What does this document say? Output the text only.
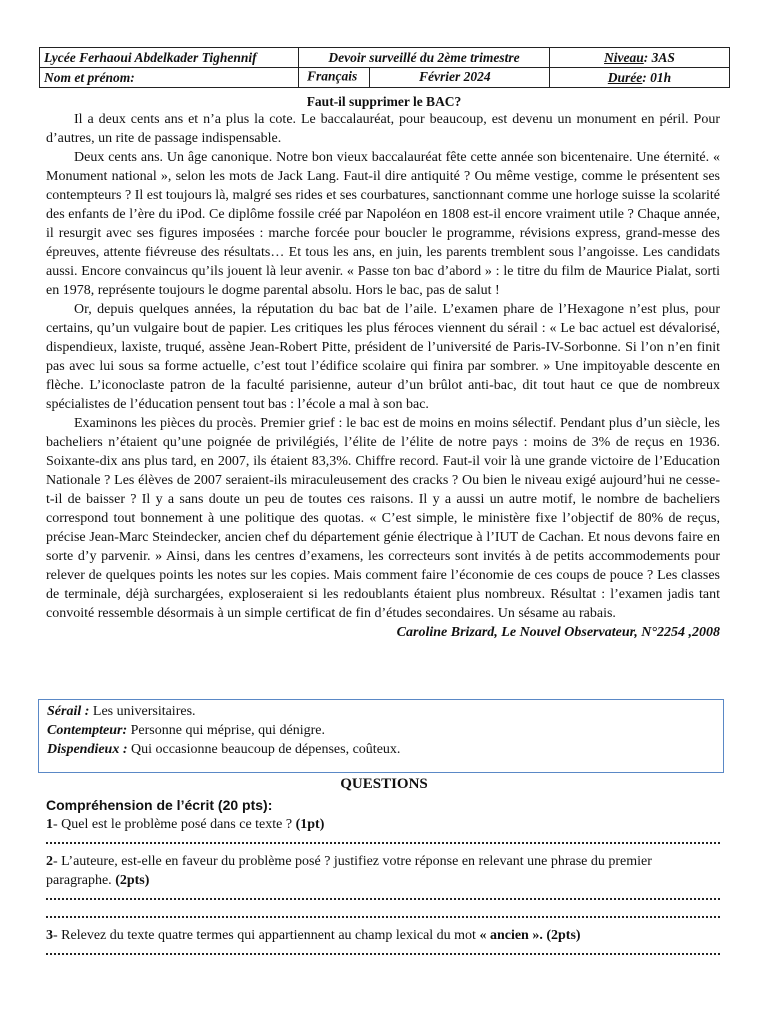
Lycée Ferhaoui Abdelkader Tighennif	Devoir surveillé du 2ème trimestre	Niveau: 3AS
Nom et prénom:	Français Février 2024	Durée: 01h
Faut-il supprimer le BAC?

Il a deux cents ans et n’a plus la cote. Le baccalauréat, pour beaucoup, est devenu un monument en péril. Pour d’autres, un rite de passage indispensable.

Deux cents ans. Un âge canonique. Notre bon vieux baccalauréat fête cette année son bicentenaire. Une éternité. « Monument national », selon les mots de Jack Lang. Faut-il dire antiquité ? Ou même vestige, comme le présentent ses contempteurs ? Il est toujours là, malgré ses rides et ses courbatures, sanctionnant comme une horloge suisse la scolarité des enfants de l’ère du iPod. Ce diplôme fossile créé par Napoléon en 1808 est-il encore vraiment utile ? Chaque année, il resurgit avec ses figures imposées : marche forcée pour boucler le programme, révisions express, grand-messe des épreuves, attente fiévreuse des résultats… Et tous les ans, en juin, les parents tremblent sous l’angoisse. Les candidats aussi. Encore convaincus qu’ils jouent là leur avenir. « Passe ton bac d’abord » : le titre du film de Maurice Pialat, sorti en 1978, représente toujours le dogme parental absolu. Hors le bac, pas de salut !

Or, depuis quelques années, la réputation du bac bat de l’aile. L’examen phare de l’Hexagone n’est plus, pour certains, qu’un vulgaire bout de papier. Les critiques les plus féroces viennent du sérail : « Le bac actuel est dévalorisé, dispendieux, laxiste, truqué, assène Jean-Robert Pitte, président de l’université de Paris-IV-Sorbonne. Si l’on n’en finit pas avec lui sous sa forme actuelle, c’est tout l’édifice scolaire qui finira par sombrer. » Une impitoyable descente en flèche. L’iconoclaste patron de la faculté parisienne, auteur d’un brûlot anti-bac, dit tout haut ce que de nombreux spécialistes de l’éducation pensent tout bas : l’école a mal à son bac.

Examinons les pièces du procès. Premier grief : le bac est de moins en moins sélectif. Pendant plus d’un siècle, les bacheliers n’étaient qu’une poignée de privilégiés, l’élite de l’élite de notre pays : moins de 3% de reçus en 1936. Soixante-dix ans plus tard, en 2007, ils étaient 83,3%. Chiffre record. Faut-il voir là une grande victoire de l’Education Nationale ? Les élèves de 2007 seraient-ils miraculeusement des cracks ? Ou bien le niveau exigé aujourd’hui ne cesse-t-il de baisser ? Il y a sans doute un peu de toutes ces raisons. Il y a aussi un autre motif, le nombre de bacheliers correspond tout bonnement à une politique des quotas. « C’est simple, le ministère fixe l’objectif de 80% de reçus, précise Jean-Marc Steindecker, ancien chef du département génie électrique à l’IUT de Cachan. Et nous devons faire en sorte d’y parvenir. » Ainsi, dans les centres d’examens, les correcteurs sont invités à de petits accommodements pour relever de quelques points les notes sur les copies. Mais comment faire l’économie de ces coups de pouce ? Les classes de terminale, déjà surchargées, exploseraient si les redoublants étaient plus nombreux. Résultat : l’examen jadis tant convoité ressemble désormais à un simple certificat de fin d’études secondaires. Un sésame au rabais.

Caroline Brizard, Le Nouvel Observateur, N°2254 ,2008

Sérail : Les universitaires.
Contempteur: Personne qui méprise, qui dénigre.
Dispendieux : Qui occasionne beaucoup de dépenses, coûteux.
QUESTIONS
Compréhension de l’écrit (20 pts):

1- Quel est le problème posé dans ce texte ? (1pt)

2- L’auteure, est-elle en faveur du problème posé ? justifiez votre réponse en relevant une phrase du premier paragraphe. (2pts)

3- Relevez du texte quatre termes qui appartiennent au champ lexical du mot « ancien ». (2pts)
